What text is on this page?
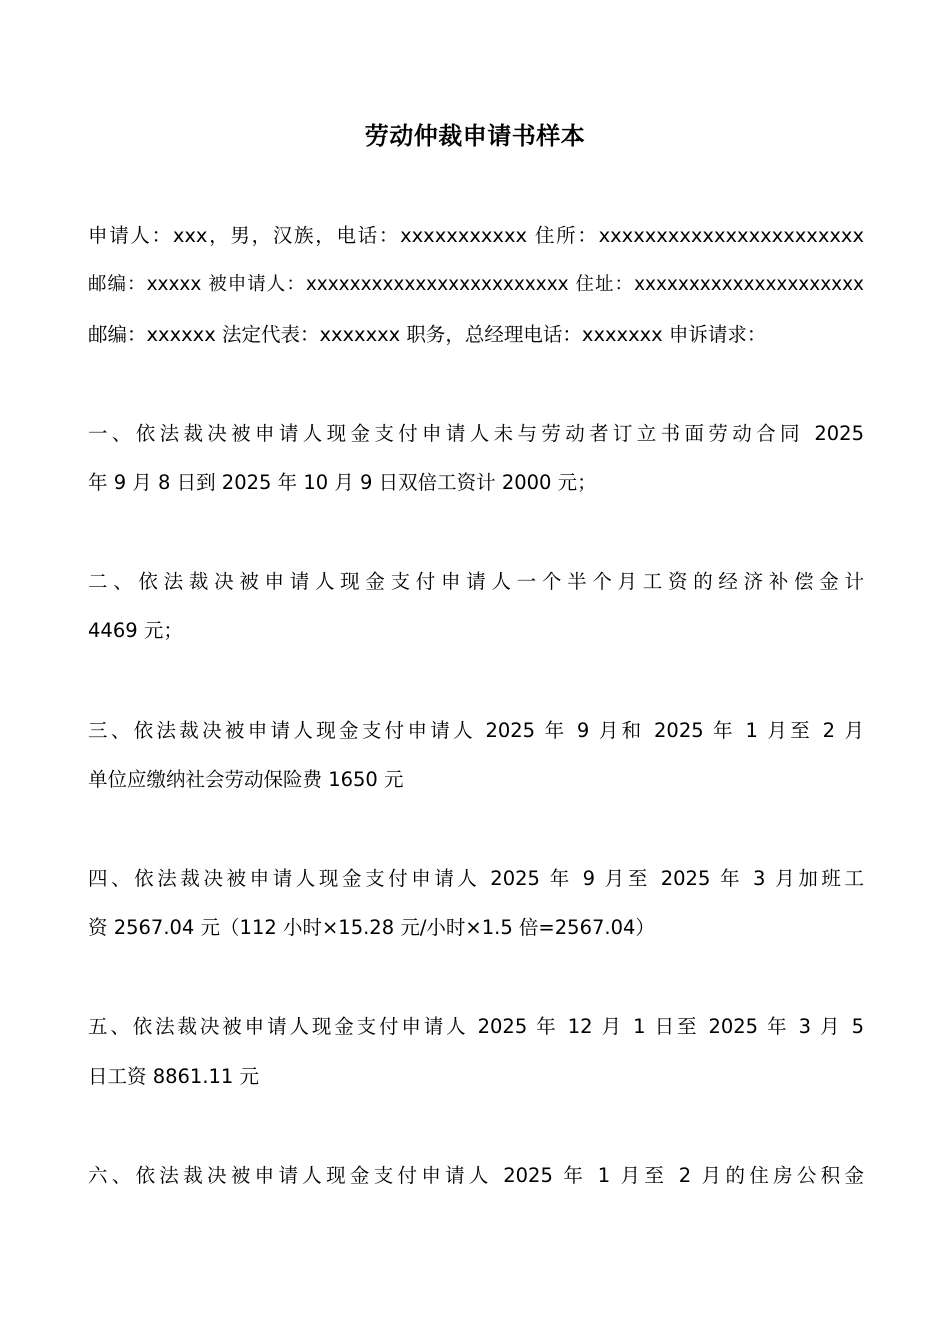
劳动仲裁申请书样本

申请人：xxx，男，汉族，电话：xxxxxxxxxxx 住所：xxxxxxxxxxxxxxxxxxxxxxx

邮编：xxxxx 被申请人：xxxxxxxxxxxxxxxxxxxxxxxx 住址：xxxxxxxxxxxxxxxxxxxxx

邮编：xxxxxx 法定代表：xxxxxxx 职务，总经理电话：xxxxxxx 申诉请求：

一、依法裁决被申请人现金支付申请人未与劳动者订立书面劳动合同 2025

年 9 月 8 日到 2025 年 10 月 9 日双倍工资计 2000 元；

二、依法裁决被申请人现金支付申请人一个半个月工资的经济补偿金计

4469 元；

三、依法裁决被申请人现金支付申请人 2025 年 9 月和 2025 年 1 月至 2 月

单位应缴纳社会劳动保险费 1650 元

四、依法裁决被申请人现金支付申请人 2025 年 9 月至 2025 年 3 月加班工

资 2567.04 元（112 小时×15.28 元/小时×1.5 倍=2567.04）

五、依法裁决被申请人现金支付申请人 2025 年 12 月 1 日至 2025 年 3 月 5

日工资 8861.11 元

六、依法裁决被申请人现金支付申请人 2025 年 1 月至 2 月的住房公积金
